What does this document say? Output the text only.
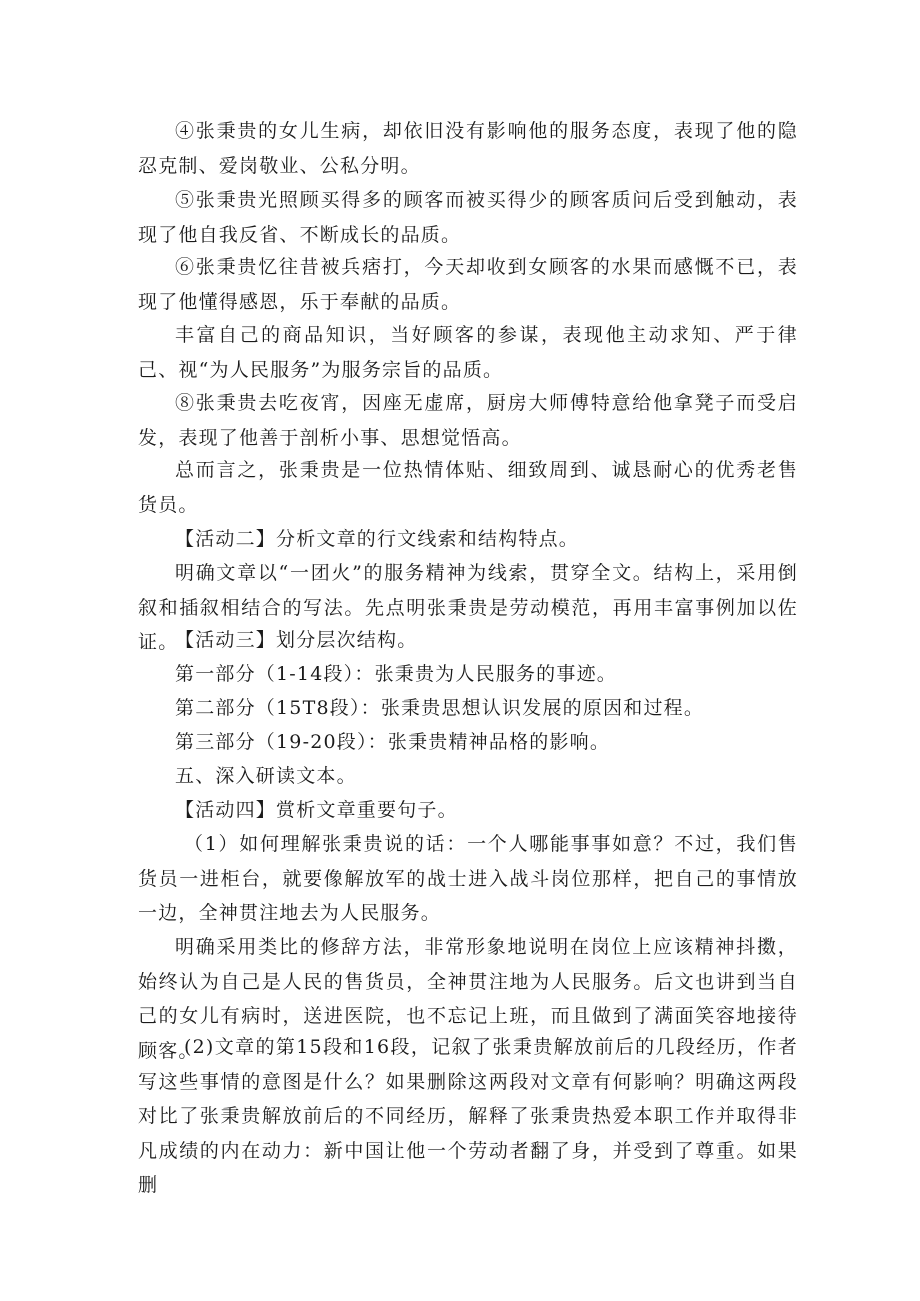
④张秉贵的女儿生病，却依旧没有影响他的服务态度，表现了他的隐忍克制、爱岗敬业、公私分明。

⑤张秉贵光照顾买得多的顾客而被买得少的顾客质问后受到触动，表现了他自我反省、不断成长的品质。

⑥张秉贵忆往昔被兵痞打，今天却收到女顾客的水果而感慨不已，表现了他懂得感恩，乐于奉献的品质。

丰富自己的商品知识，当好顾客的参谋，表现他主动求知、严于律己、视“为人民服务”为服务宗旨的品质。

⑧张秉贵去吃夜宵，因座无虚席，厨房大师傅特意给他拿凳子而受启发，表现了他善于剖析小事、思想觉悟高。

总而言之，张秉贵是一位热情体贴、细致周到、诚恳耐心的优秀老售货员。

【活动二】分析文章的行文线索和结构特点。

明确文章以“一团火”的服务精神为线索，贯穿全文。结构上，采用倒叙和插叙相结合的写法。先点明张秉贵是劳动模范，再用丰富事例加以佐证。

【活动三】划分层次结构。

第一部分（1-14段）：张秉贵为人民服务的事迹。

第二部分（15T8段）：张秉贵思想认识发展的原因和过程。

第三部分（19-20段）：张秉贵精神品格的影响。

五、深入研读文本。

【活动四】赏析文章重要句子。

（1）如何理解张秉贵说的话：一个人哪能事事如意？不过，我们售货员一进柜台，就要像解放军的战士进入战斗岗位那样，把自己的事情放一边，全神贯注地去为人民服务。

明确采用类比的修辞方法，非常形象地说明在岗位上应该精神抖擞，始终认为自己是人民的售货员，全神贯注地为人民服务。后文也讲到当自己的女儿有病时，送进医院，也不忘记上班，而且做到了满面笑容地接待顾客。

(2)文章的第15段和16段，记叙了张秉贵解放前后的几段经历，作者写这些事情的意图是什么？如果删除这两段对文章有何影响？明确这两段对比了张秉贵解放前后的不同经历，解释了张秉贵热爱本职工作并取得非凡成绩的内在动力：新中国让他一个劳动者翻了身，并受到了尊重。如果删
